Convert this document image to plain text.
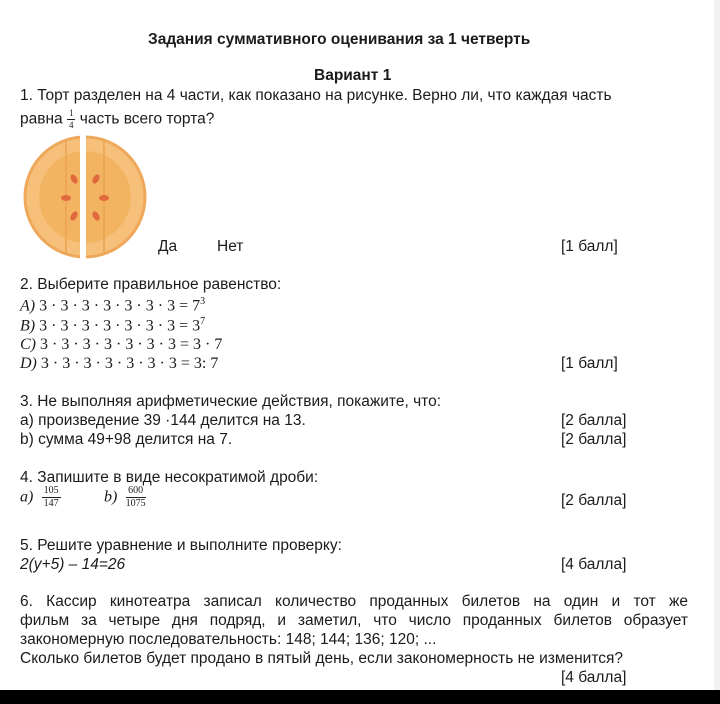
Задания суммативного оценивания за 1 четверть
Вариант 1
1. Торт разделен на 4 части, как показано на рисунке. Верно ли, что каждая часть
равна $\frac{1}{4}$ часть всего торта?
Да	Нет	[1 балл]
2. Выберите правильное равенство:
A) $3 \cdot 3 \cdot 3 \cdot 3 \cdot 3 \cdot 3 \cdot 3 = 7^3$
B) $3 \cdot 3 \cdot 3 \cdot 3 \cdot 3 \cdot 3 \cdot 3 = 3^7$
C) 3 · 3 · 3 · 3 · 3 · 3 · 3 = 3 · 7
D) 3 · 3 · 3 · 3 · 3 · 3 · 3 = 3: 7	[1 балл]
3. Не выполняя арифметические действия, покажите, что:
a) произведение 39 ·144 делится на 13.	[2 балла]
b) сумма 49+98 делится на 7.	[2 балла]
4. Запишите в виде несократимой дроби:
$a) \frac{105}{147}$	$b) \frac{600}{1075}$	[2 балла]
5. Решите уравнение и выполните проверку:
2(y+5) – 14=26	[4 балла]
6. Кассир кинотеатра записал количество проданных билетов на один и тот же
фильм за четыре дня подряд, и заметил, что число проданных билетов образует
закономерную последовательность: 148; 144; 136; 120; ...
Сколько билетов будет продано в пятый день, если закономерность не изменится?
[4 балла]
